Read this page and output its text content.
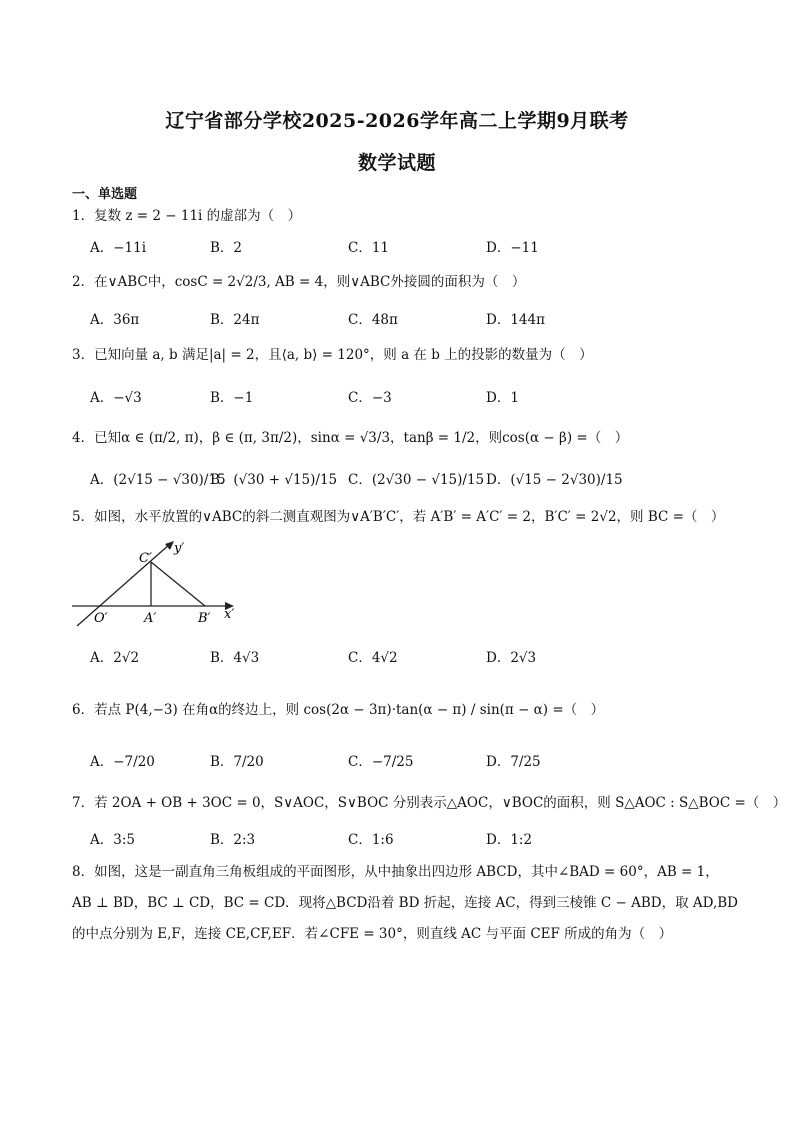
辽宁省部分学校2025-2026学年高二上学期9月联考
数学试题
一、单选题
1．复数 z = 2 − 11i 的虚部为（　）
A．−11i	B．2	C．11	D．−11
2．在∨ABC中，cosC = 2√2/3, AB = 4，则∨ABC外接圆的面积为（　）
A．36π	B．24π	C．48π	D．144π
3．已知向量 a, b 满足|a| = 2，且⟨a, b⟩ = 120°，则 a 在 b 上的投影的数量为（　）
A．−√3	B．−1	C．−3	D．1
4．已知α ∈ (π/2, π)，β ∈ (π, 3π/2)，sinα = √3/3，tanβ = 1/2，则cos(α − β) =（　）
A．(2√15 − √30)/15
B．(√30 + √15)/15 C．(2√30 − √15)/15 D．(√15 − 2√30)/15
5．如图，水平放置的∨ABC的斜二测直观图为∨A′B′C′，若 A′B′ = A′C′ = 2，B′C′ = 2√2，则 BC =（　）
C′
y′
O′	A′	B′ x′
A．2√2	B．4√3	C．4√2	D．2√3
6．若点 P(4,−3) 在角α的终边上，则 cos(2α − 3π)·tan(α − π) / sin(π − α) =（　）
A．−7/20	B．7/20	C．−7/25	D．7/25
7．若 2OA + OB + 3OC = 0，S∨AOC，S∨BOC 分别表示△AOC，∨BOC的面积，则 S△AOC : S△BOC =（　）
A．3:5	B．2:3	C．1:6	D．1:2
8．如图，这是一副直角三角板组成的平面图形，从中抽象出四边形 ABCD，其中∠BAD = 60°，AB = 1，
AB ⊥ BD，BC ⊥ CD，BC = CD．现将△BCD沿着 BD 折起，连接 AC，得到三棱锥 C − ABD，取 AD,BD
的中点分别为 E,F，连接 CE,CF,EF．若∠CFE = 30°，则直线 AC 与平面 CEF 所成的角为（　）
